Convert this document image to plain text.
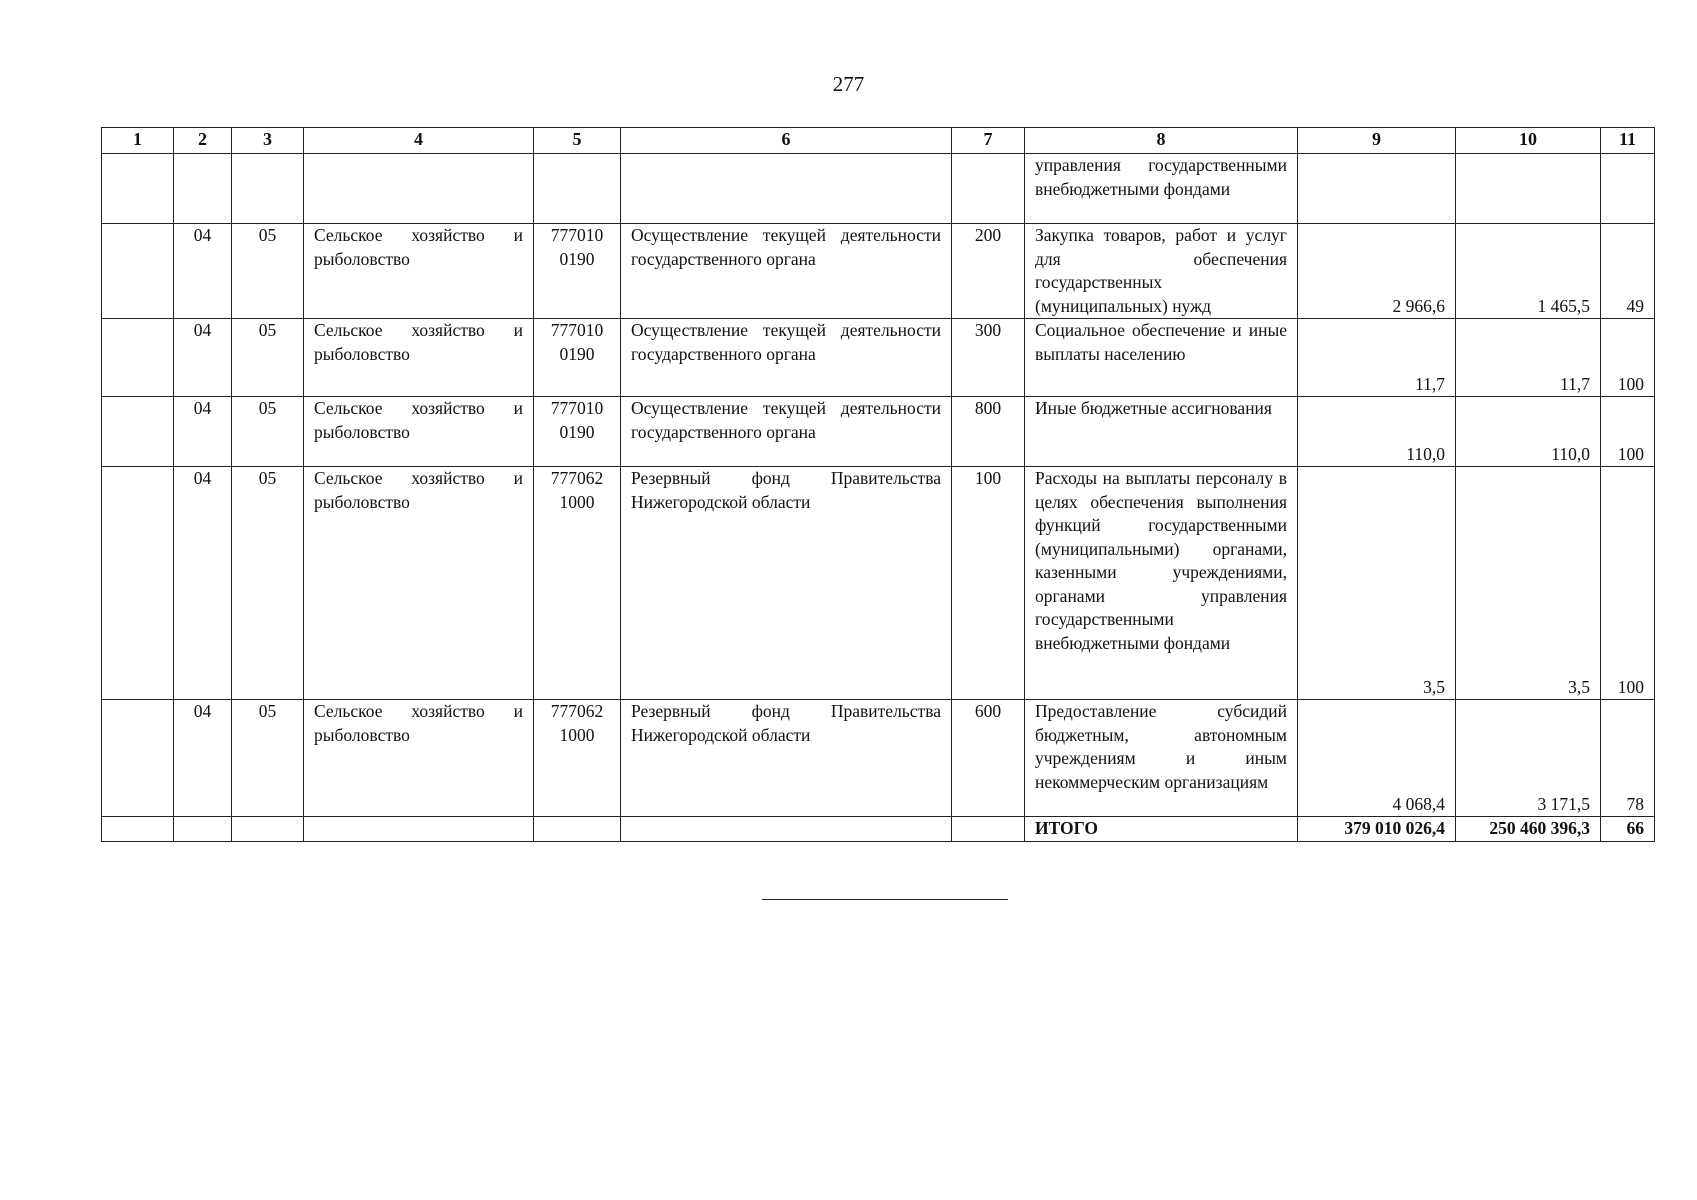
277
1	2	3	4	5	6	7	8	9	10	11
							управления государственными внебюджетными фондами			
	04	05	Сельское хозяйство и рыболовство	777010 0190	Осуществление текущей деятельности государственного органа	200	Закупка товаров, работ и услуг для обеспечения государственных (муниципальных) нужд	2 966,6	1 465,5	49
	04	05	Сельское хозяйство и рыболовство	777010 0190	Осуществление текущей деятельности государственного органа	300	Социальное обеспечение и иные выплаты населению	11,7	11,7	100
	04	05	Сельское хозяйство и рыболовство	777010 0190	Осуществление текущей деятельности государственного органа	800	Иные бюджетные ассигнования	110,0	110,0	100
	04	05	Сельское хозяйство и рыболовство	777062 1000	Резервный фонд Правительства Нижегородской области	100	Расходы на выплаты персоналу в целях обеспечения выполнения функций государственными (муниципальными) органами, казенными учреждениями, органами управления государственными внебюджетными фондами	3,5	3,5	100
	04	05	Сельское хозяйство и рыболовство	777062 1000	Резервный фонд Правительства Нижегородской области	600	Предоставление субсидий бюджетным, автономным учреждениям и иным некоммерческим организациям	4 068,4	3 171,5	78
							ИТОГО	379 010 026,4	250 460 396,3	66
